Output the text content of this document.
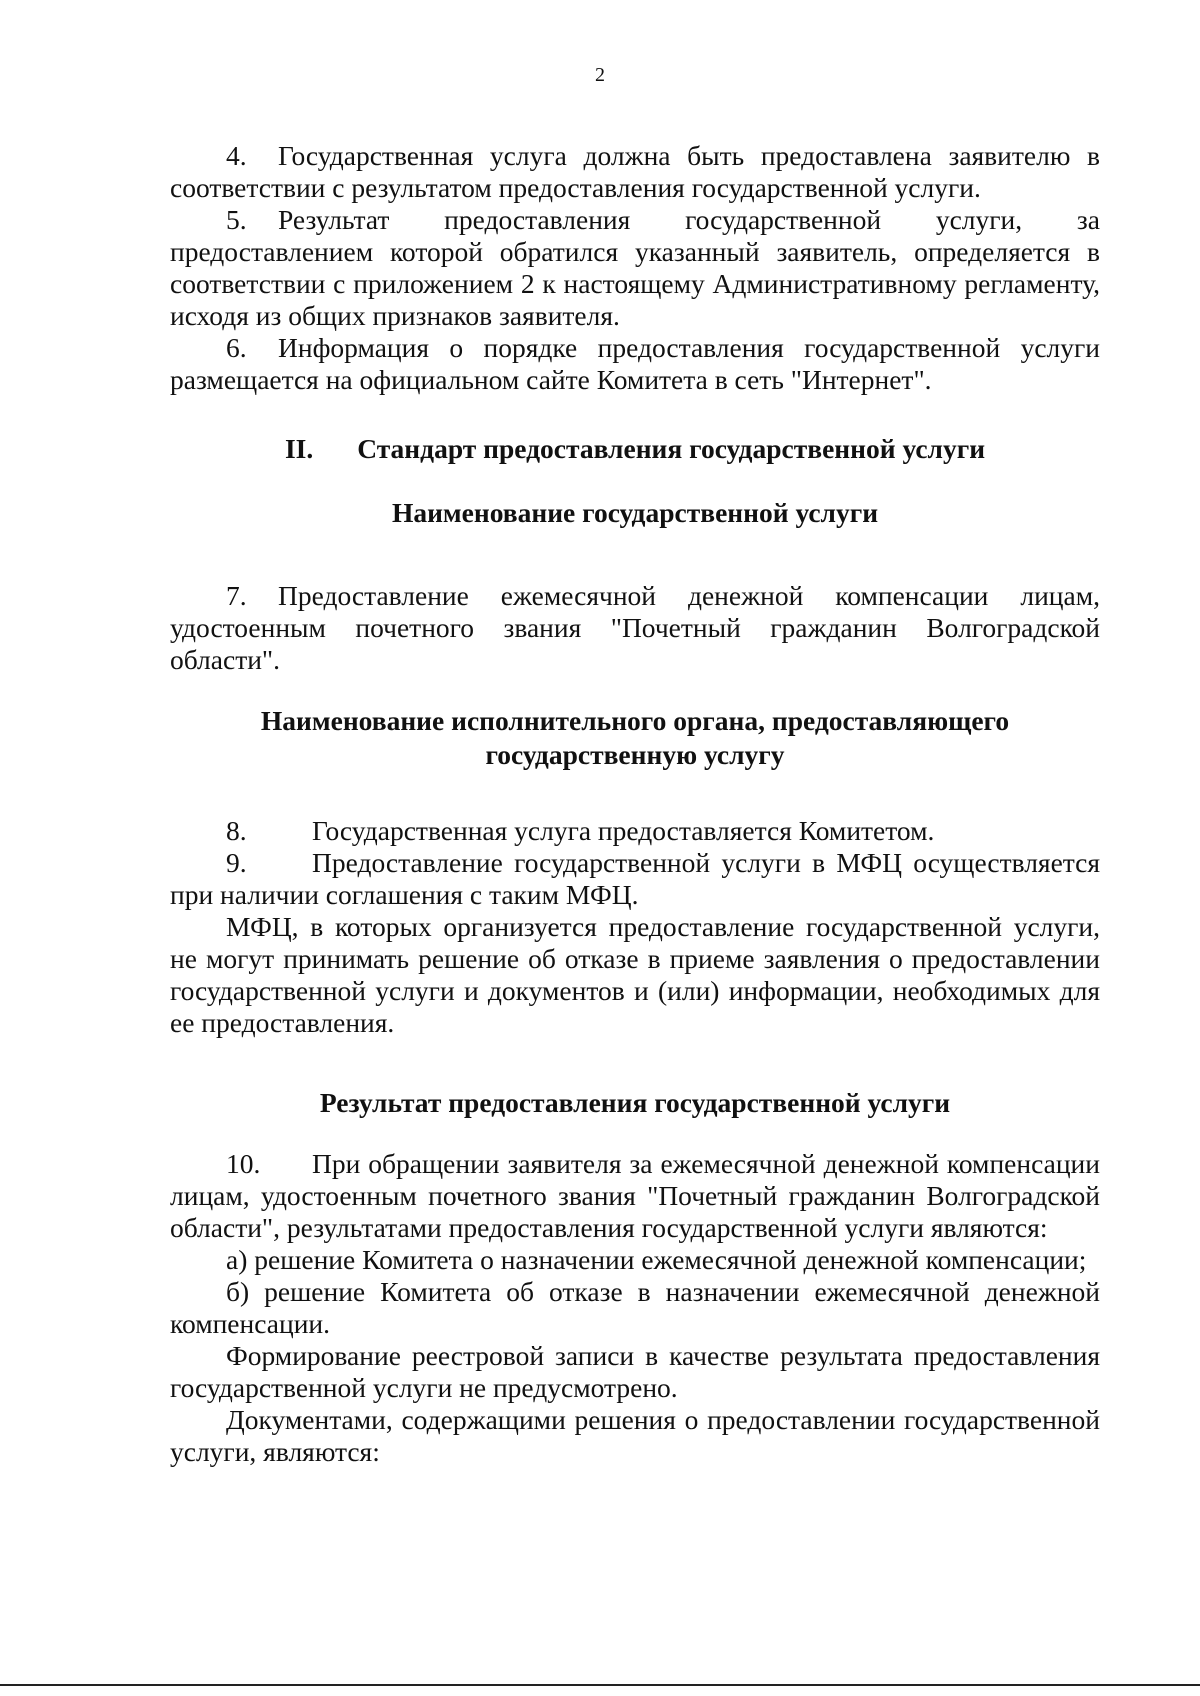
2

4. Государственная услуга должна быть предоставлена заявителю в соответствии с результатом предоставления государственной услуги.

5. Результат предоставления государственной услуги, за предоставлением которой обратился указанный заявитель, определяется в соответствии с приложением 2 к настоящему Административному регламенту, исходя из общих признаков заявителя.

6. Информация о порядке предоставления государственной услуги размещается на официальном сайте Комитета в сеть "Интернет".

II. Стандарт предоставления государственной услуги
Наименование государственной услуги

7. Предоставление ежемесячной денежной компенсации лицам, удостоенным почетного звания "Почетный гражданин Волгоградской области".

Наименование исполнительного органа, предоставляющего
государственную услугу

8. Государственная услуга предоставляется Комитетом.

9. Предоставление государственной услуги в МФЦ осуществляется при наличии соглашения с таким МФЦ.

МФЦ, в которых организуется предоставление государственной услуги, не могут принимать решение об отказе в приеме заявления о предоставлении государственной услуги и документов и (или) информации, необходимых для ее предоставления.

Результат предоставления государственной услуги

10. При обращении заявителя за ежемесячной денежной компенсации лицам, удостоенным почетного звания "Почетный гражданин Волгоградской области", результатами предоставления государственной услуги являются:

а) решение Комитета о назначении ежемесячной денежной компенсации;

б) решение Комитета об отказе в назначении ежемесячной денежной компенсации.

Формирование реестровой записи в качестве результата предоставления государственной услуги не предусмотрено.

Документами, содержащими решения о предоставлении государственной услуги, являются:
